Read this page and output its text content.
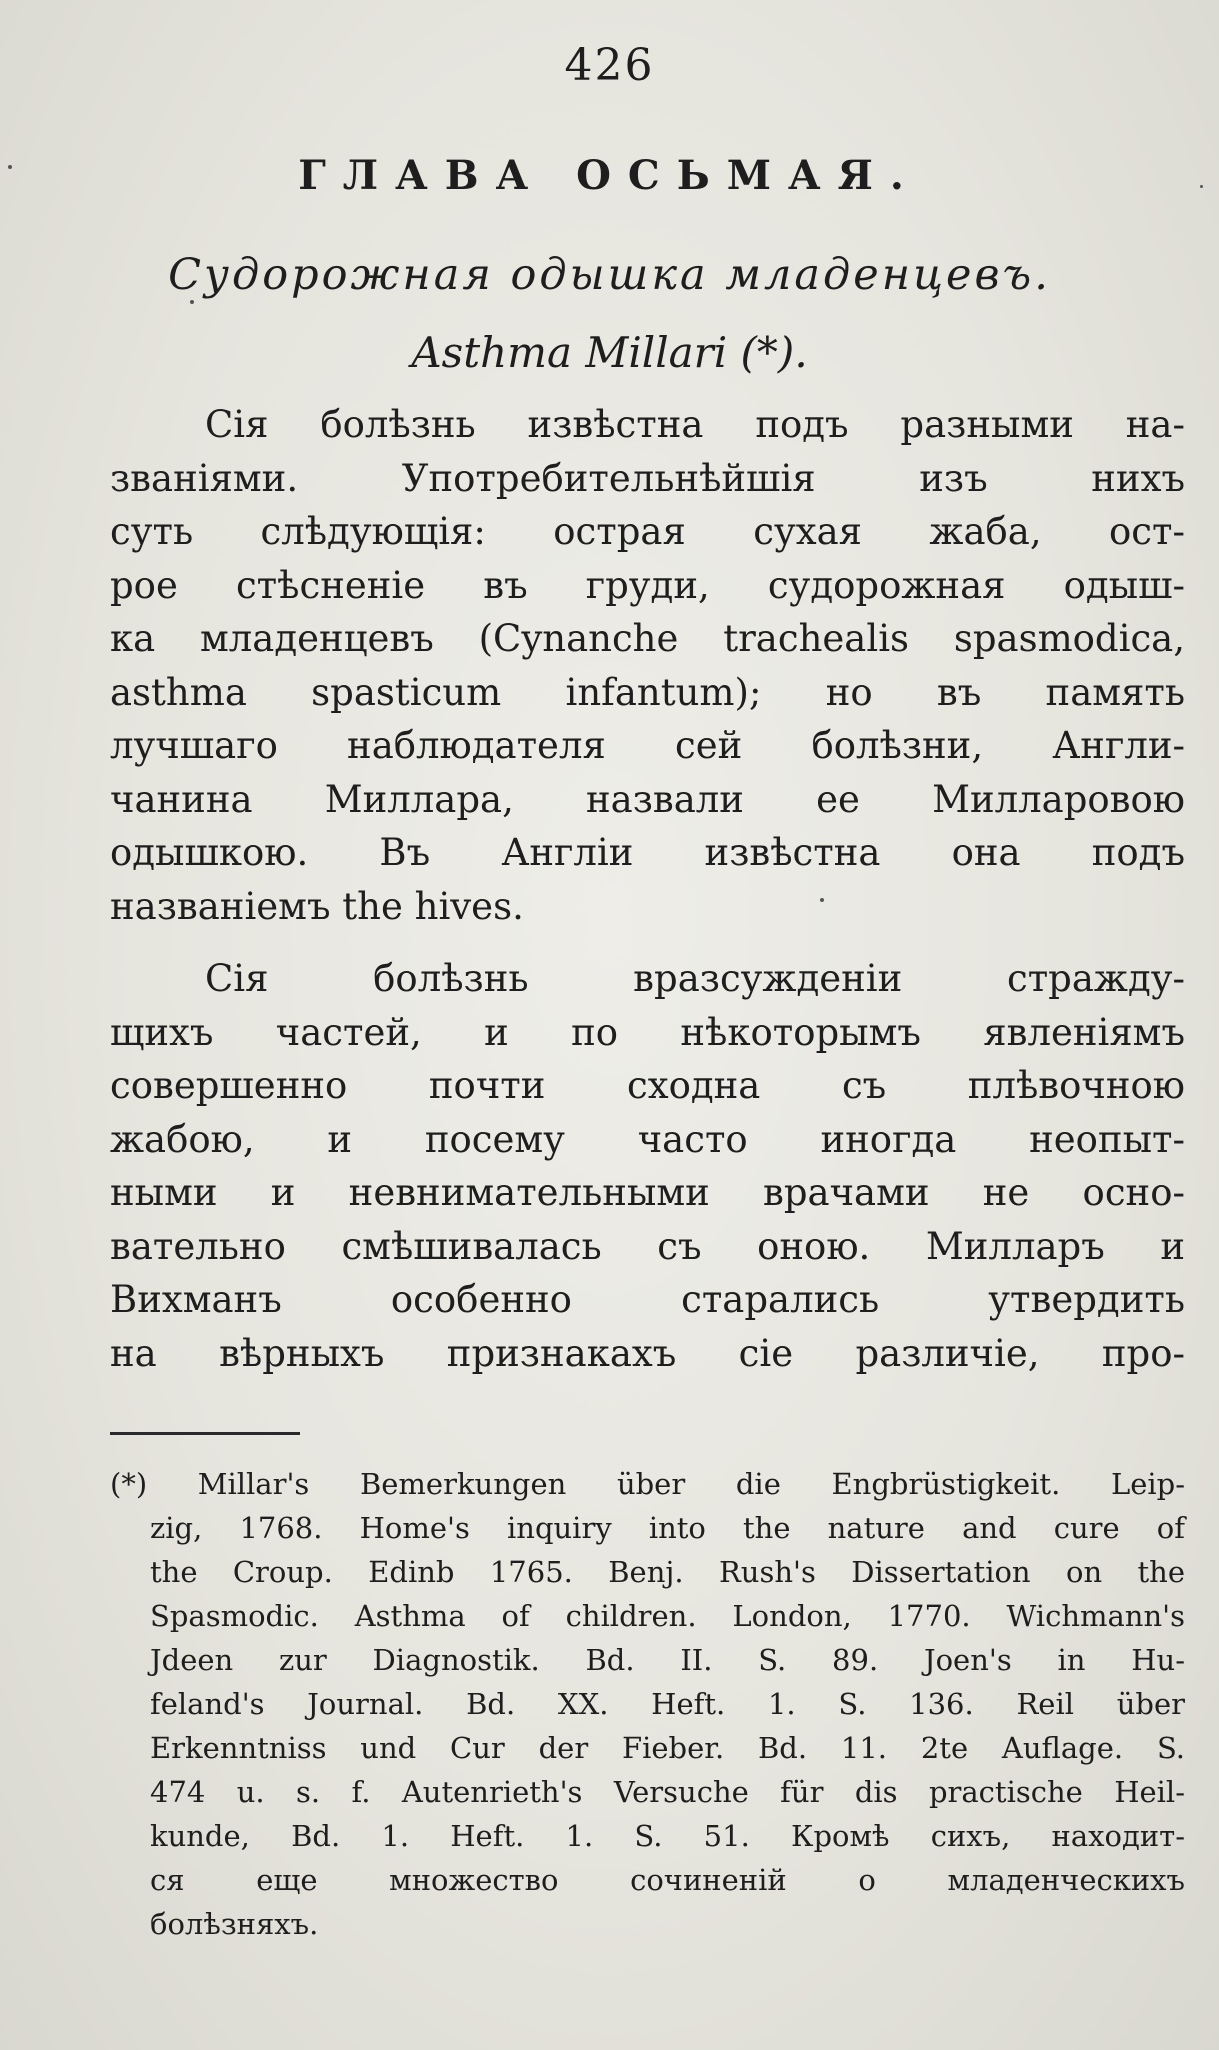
426
ГЛАВА ОСЬМАЯ.
Судорожная одышка младенцевъ.
Asthma Millari (*).
Сія болѣзнь извѣстна подъ разными на-
званіями. Употребительнѣйшія изъ нихъ
суть слѣдующія: острая сухая жаба, ост-
рое стѣсненіе въ груди, судорожная одыш-
ка младенцевъ (Cynanche trachealis spasmodica,
asthma spasticum infantum); но въ память
лучшаго наблюдателя сей болѣзни, Англи-
чанина Миллара, назвали ее Милларовою
одышкою. Въ Англіи извѣстна она подъ
названіемъ the hives.
Сія болѣзнь вразсужденіи стражду-
щихъ частей, и по нѣкоторымъ явленіямъ
совершенно почти сходна съ плѣвочною
жабою, и посему часто иногда неопыт-
ными и невнимательными врачами не осно-
вательно смѣшивалась съ оною. Милларъ и
Вихманъ особенно старались утвердить
на вѣрныхъ признакахъ сіе различіе, про-
(*) Millar's Bemerkungen über die Engbrüstigkeit. Leip-
zig, 1768. Home's inquiry into the nature and cure of
the Croup. Edinb 1765. Benj. Rush's Dissertation on the
Spasmodic. Asthma of children. London, 1770. Wichmann's
Jdeen zur Diagnostik. Bd. II. S. 89. Joen's in Hu-
feland's Journal. Bd. XX. Heft. 1. S. 136. Reil über
Erkenntniss und Cur der Fieber. Bd. 11. 2te Auflage. S.
474 u. s. f. Autenrieth's Versuche für dis practische Heil-
kunde, Bd. 1. Heft. 1. S. 51. Кромѣ сихъ, находит-
ся еще множество сочиненій о младенческихъ
болѣзняхъ.
